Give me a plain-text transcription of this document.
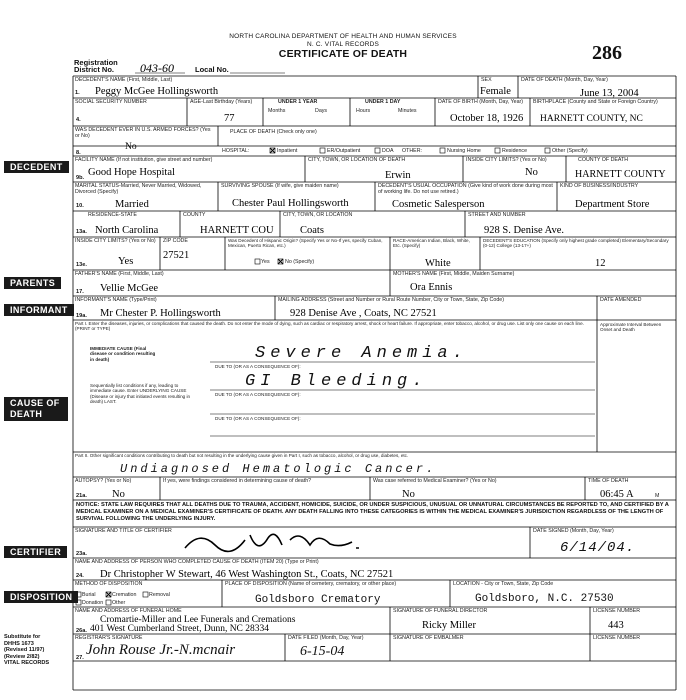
NORTH CAROLINA DEPARTMENT OF HEALTH AND HUMAN SERVICES
N. C. VITAL RECORDS
CERTIFICATE OF DEATH	286
Registration District No.	043-60	Local No.
DECEDENT
PARENTS
INFORMANT
CAUSE OF DEATH
CERTIFIER
DISPOSITION
DECEDENT'S NAME (First, Middle, Last)
Peggy McGee Hollingsworth
1.
SEX
Female
DATE OF DEATH (Month, Day, Year)
June 13, 2004
SOCIAL SECURITY NUMBER	AGE-Last Birthday (Years)
77
UNDER 1 YEAR
Months	Days
UNDER 1 DAY
Hours	Minutes
DATE OF BIRTH (Month, Day, Year)
October 18, 1926
BIRTHPLACE (County and State or Foreign Country)
HARNETT COUNTY, NC
WAS DECEDENT EVER IN U.S. ARMED FORCES? (Yes or No)
No
PLACE OF DEATH (Check only one)
HOSPITAL:	Inpatient	ER/Outpatient	DOA OTHER:	Nursing Home	Residence	Other (Specify)
FACILITY NAME (If not institution, give street and number)
Good Hope Hospital
CITY, TOWN, OR LOCATION OF DEATH
Erwin
INSIDE CITY LIMITS? (Yes or No)
No
COUNTY OF DEATH
HARNETT COUNTY
MARITAL STATUS-Married, Never Married, Widowed, Divorced (Specify)
Married
SURVIVING SPOUSE (If wife, give maiden name)
Chester Paul Hollingsworth
DECEDENT'S USUAL OCCUPATION (Give kind of work done during most of working life. Do not use retired.)
Cosmetic Salesperson
KIND OF BUSINESS/INDUSTRY
Department Store
RESIDENCE-STATE
North Carolina
COUNTY
HARNETT COU
CITY, TOWN, OR LOCATION
Coats
STREET AND NUMBER
928 S. Denise Ave.
INSIDE CITY LIMITS? (Yes or No)
Yes
ZIP CODE
27521
Was Decedent of Hispanic Origin? (Specify Yes or No-If yes, specify Cuban, Mexican, Puerto Rican, etc.)
Yes	No (Specify)
RACE-American Indian, Black, White, Etc. (Specify)
White
DECEDENT'S EDUCATION (Specify only highest grade completed) Elementary/Secondary (0-12) College (13-17+)
12
FATHER'S NAME (First, Middle, Last)
Vellie McGee
MOTHER'S NAME (First, Middle, Maiden Surname)
Ora Ennis
INFORMANT'S NAME (Type/Print)
Mr Chester P. Hollingsworth
MAILING ADDRESS (Street and Number or Rural Route Number, City or Town, State, Zip Code)
928 Denise Ave , Coats, NC 27521
DATE AMENDED
Part I. Enter the diseases, injuries, or complications that caused the death. Do not enter the mode of dying, such as cardiac or respiratory arrest, shock or heart failure. If appropriate, enter tobacco, alcohol, or drug use. List only one cause on each line. (PRINT or TYPE)
Approximate Interval Between Onset and Death
IMMEDIATE CAUSE (Final disease or condition resulting in death)	Severe Anemia.
DUE TO (OR AS A CONSEQUENCE OF):
GI Bleeding.
Sequentially list conditions if any, leading to immediate cause. Enter UNDERLYING CAUSE (Disease or injury that initiated events resulting in death) LAST.
DUE TO (OR AS A CONSEQUENCE OF):
DUE TO (OR AS A CONSEQUENCE OF):
Part II. Other significant conditions contributing to death but not resulting in the underlying cause given in Part I, such as tobacco, alcohol, or drug use, diabetes, etc.
Undiagnosed Hematologic Cancer.
AUTOPSY? (Yes or No)
No
If yes, were findings considered in determining cause of death?	Was case referred to Medical Examiner? (Yes or No)
No
TIME OF DEATH
06:45 A	M
NOTICE: STATE LAW REQUIRES THAT ALL DEATHS DUE TO TRAUMA, ACCIDENT, HOMICIDE, SUICIDE, OR UNDER SUSPICIOUS, UNUSUAL OR UNNATURAL CIRCUMSTANCES BE REPORTED TO, AND CERTIFIED BY A MEDICAL EXAMINER ON A MEDICAL EXAMINER'S CERTIFICATE OF DEATH. ANY DEATH FALLING INTO THESE CATEGORIES IS WITHIN THE MEDICAL EXAMINER'S JURISDICTION REGARDLESS OF THE LENGTH OF SURVIVAL FOLLOWING THE UNDERLYING INJURY.
SIGNATURE AND TITLE OF CERTIFIER	DATE SIGNED (Month, Day, Year)
6/14/04.
NAME AND ADDRESS OF PERSON WHO COMPLETED CAUSE OF DEATH (ITEM 20) (Type or Print)
Dr Christopher W Stewart, 46 West Washington St., Coats, NC 27521
METHOD OF DISPOSITION
Burial	Cremation Removal
Donation Other
PLACE OF DISPOSITION (Name of cemetery, crematory, or other place)
Goldsboro Crematory
LOCATION - City or Town, State, Zip Code
Goldsboro, N.C. 27530
NAME AND ADDRESS OF FUNERAL HOME
Cromartie-Miller and Lee Funerals and Cremations
401 West Cumberland Street, Dunn, NC 28334
SIGNATURE OF FUNERAL DIRECTOR
Ricky Miller
LICENSE NUMBER
443
REGISTRAR'S SIGNATURE
John Rouse Jr.-N.mcnair
DATE FILED (Month, Day, Year)
6-15-04
SIGNATURE OF EMBALMER	LICENSE NUMBER
Substitute for
DHHS 1673
(Revised 11/97)
(Review 2/82)
VITAL RECORDS
4.
8.
9b.
10.
13a.
13e.
17.
19a.
21a.
23a.
24.
26a.
27.
